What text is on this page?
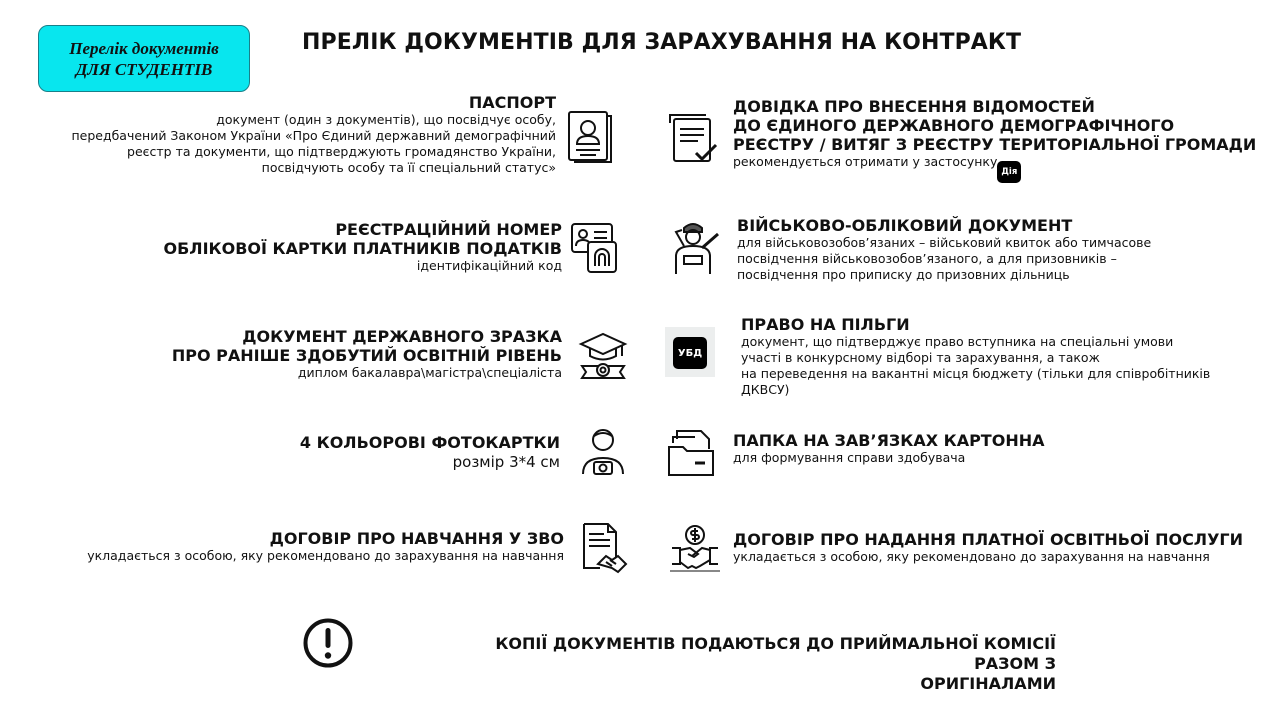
Перелік документів
ДЛЯ СТУДЕНТІВ
ПРЕЛІК ДОКУМЕНТІВ ДЛЯ ЗАРАХУВАННЯ НА КОНТРАКТ
ПАСПОРТ
документ (один з документів), що посвідчує особу,
передбачений Законом України «Про Єдиний державний демографічний
реєстр та документи, що підтверджують громадянство України,
посвідчують особу та її спеціальний статус»
РЕЄСТРАЦІЙНИЙ НОМЕР
ОБЛІКОВОЇ КАРТКИ ПЛАТНИКІВ ПОДАТКІВ
ідентифікаційний код
ДОКУМЕНТ ДЕРЖАВНОГО ЗРАЗКА
ПРО РАНІШЕ ЗДОБУТИЙ ОСВІТНІЙ РІВЕНЬ
диплом бакалавра\магістра\спеціаліста
4 КОЛЬОРОВІ ФОТОКАРТКИ
розмір 3*4 см
ДОГОВІР ПРО НАВЧАННЯ У ЗВО
укладається з особою, яку рекомендовано до зарахування на навчання
ДОВІДКА ПРО ВНЕСЕННЯ ВІДОМОСТЕЙ
ДО ЄДИНОГО ДЕРЖАВНОГО ДЕМОГРАФІЧНОГО
РЕЄСТРУ / ВИТЯГ З РЕЄСТРУ ТЕРИТОРІАЛЬНОЇ ГРОМАДИ
рекомендується отримати у застосункуДія
ВІЙСЬКОВО-ОБЛІКОВИЙ ДОКУМЕНТ
для військовозобов’язаних – військовий квиток або тимчасове
посвідчення військовозобов’язаного, а для призовників –
посвідчення про приписку до призовних дільниць
УБД
ПРАВО НА ПІЛЬГИ
документ, що підтверджує право вступника на спеціальні умови
участі в конкурсному відборі та зарахування, а також
на переведення на вакантні місця бюджету (тільки для співробітників
ДКВСУ)
ПАПКА НА ЗАВ’ЯЗКАХ КАРТОННА
для формування справи здобувача
ДОГОВІР ПРО НАДАННЯ ПЛАТНОЇ ОСВІТНЬОЇ ПОСЛУГИ
укладається з особою, яку рекомендовано до зарахування на навчання
КОПІЇ ДОКУМЕНТІВ ПОДАЮТЬСЯ ДО ПРИЙМАЛЬНОЇ КОМІСІЇ РАЗОМ З
ОРИГІНАЛАМИ
